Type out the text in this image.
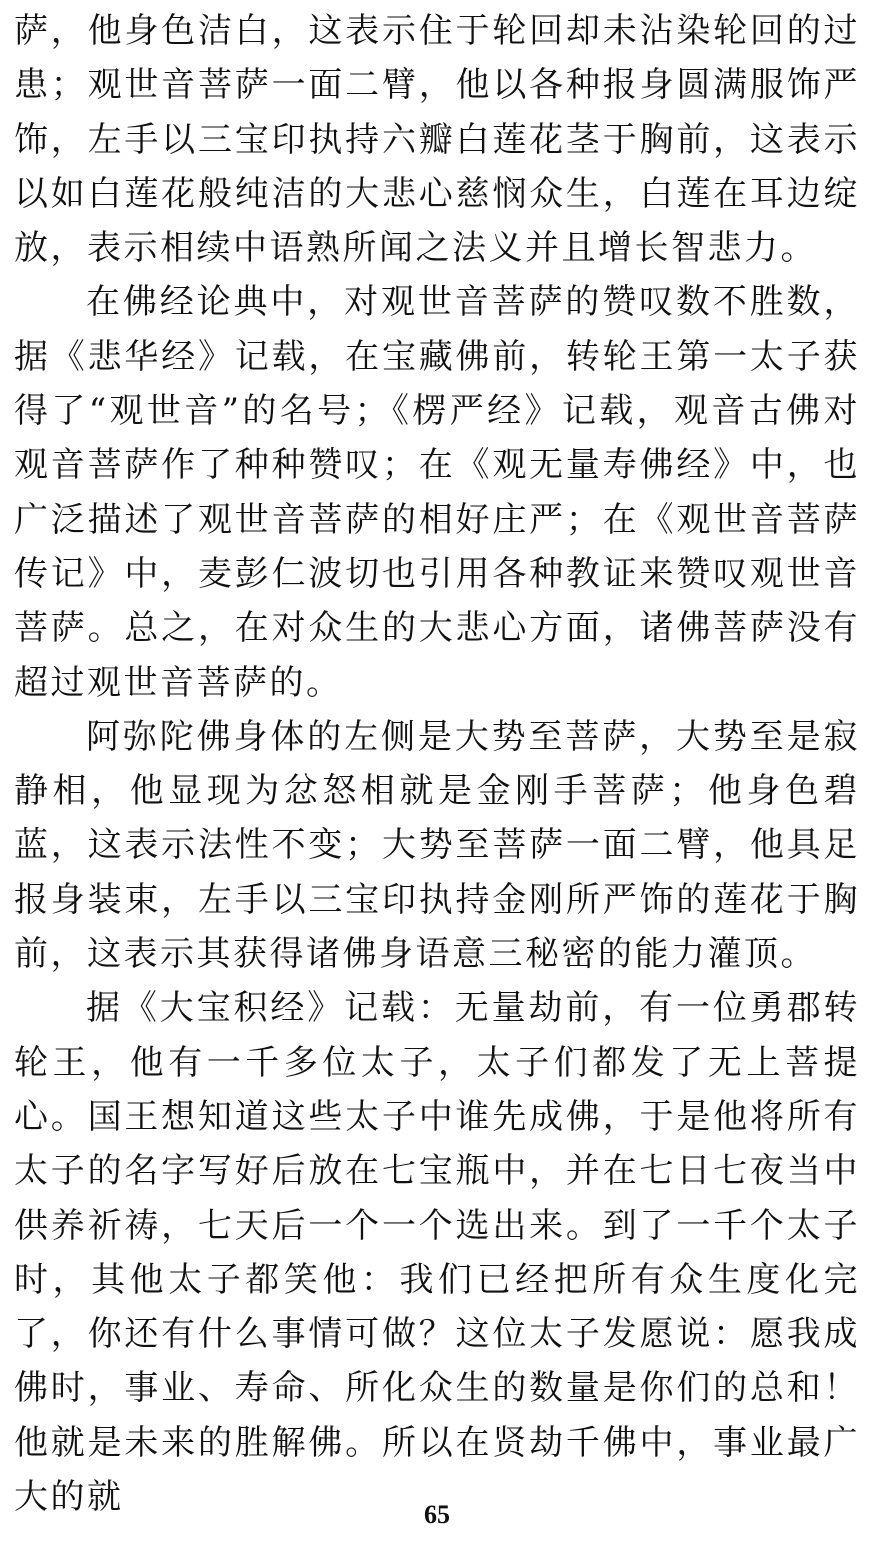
萨，他身色洁白，这表示住于轮回却未沾染轮回的过患；观世音菩萨一面二臂，他以各种报身圆满服饰严饰，左手以三宝印执持六瓣白莲花茎于胸前，这表示以如白莲花般纯洁的大悲心慈悯众生，白莲在耳边绽放，表示相续中语熟所闻之法义并且增长智悲力。

在佛经论典中，对观世音菩萨的赞叹数不胜数，据《悲华经》记载，在宝藏佛前，转轮王第一太子获得了“观世音”的名号；《楞严经》记载，观音古佛对观音菩萨作了种种赞叹；在《观无量寿佛经》中，也广泛描述了观世音菩萨的相好庄严；在《观世音菩萨传记》中，麦彭仁波切也引用各种教证来赞叹观世音菩萨。总之，在对众生的大悲心方面，诸佛菩萨没有超过观世音菩萨的。

阿弥陀佛身体的左侧是大势至菩萨，大势至是寂静相，他显现为忿怒相就是金刚手菩萨；他身色碧蓝，这表示法性不变；大势至菩萨一面二臂，他具足报身装束，左手以三宝印执持金刚所严饰的莲花于胸前，这表示其获得诸佛身语意三秘密的能力灌顶。

据《大宝积经》记载：无量劫前，有一位勇郡转轮王，他有一千多位太子，太子们都发了无上菩提心。国王想知道这些太子中谁先成佛，于是他将所有太子的名字写好后放在七宝瓶中，并在七日七夜当中供养祈祷，七天后一个一个选出来。到了一千个太子时，其他太子都笑他：我们已经把所有众生度化完了，你还有什么事情可做？这位太子发愿说：愿我成佛时，事业、寿命、所化众生的数量是你们的总和！他就是未来的胜解佛。所以在贤劫千佛中，事业最广大的就	65
